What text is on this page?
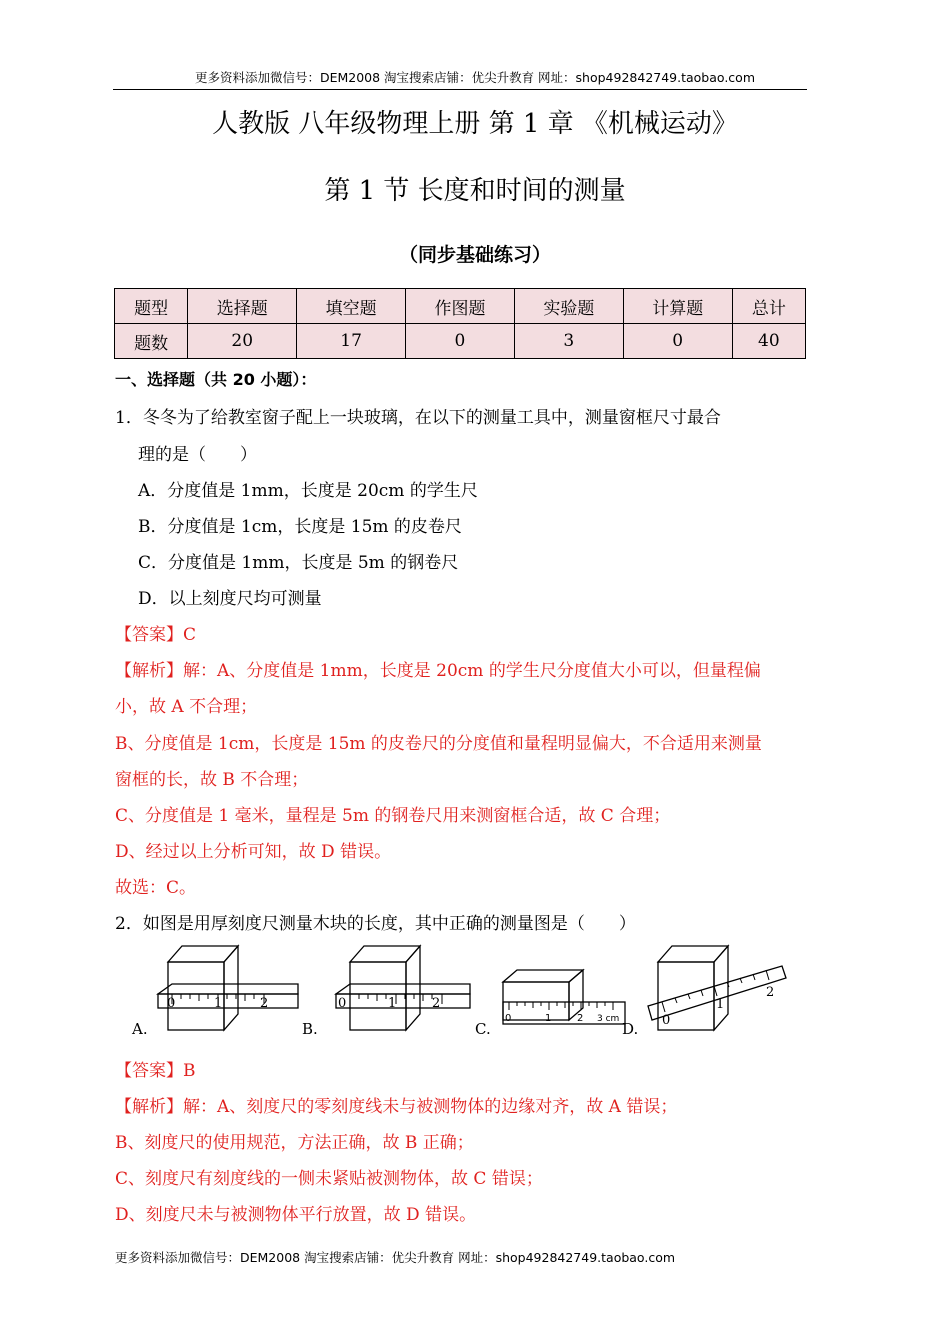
更多资料添加微信号：DEM2008 淘宝搜索店铺：优尖升教育 网址：shop492842749.taobao.com
人教版 八年级物理上册 第 1 章 《机械运动》
第 1 节 长度和时间的测量
（同步基础练习）
题型	选择题	填空题	作图题	实验题	计算题	总计
题数	20	17	0	3	0	40
一、选择题（共 20 小题）：
1．冬冬为了给教室窗子配上一块玻璃，在以下的测量工具中，测量窗框尺寸最合
理的是（　　）
A．分度值是 1mm，长度是 20cm 的学生尺
B．分度值是 1cm，长度是 15m 的皮卷尺
C．分度值是 1mm，长度是 5m 的钢卷尺
D．以上刻度尺均可测量
【答案】C
【解析】解：A、分度值是 1mm，长度是 20cm 的学生尺分度值大小可以，但量程偏
小，故 A 不合理；
B、分度值是 1cm，长度是 15m 的皮卷尺的分度值和量程明显偏大，不合适用来测量
窗框的长，故 B 不合理；
C、分度值是 1 毫米，量程是 5m 的钢卷尺用来测窗框合适，故 C 合理；
D、经过以上分析可知，故 D 错误。
故选：C。
2．如图是用厚刻度尺测量木块的长度，其中正确的测量图是（　　）
0	1	2
A.
0	1	2
B.
0	1	2 3 cm
C.	0
1
2
D.
【答案】B
【解析】解：A、刻度尺的零刻度线未与被测物体的边缘对齐，故 A 错误；
B、刻度尺的使用规范，方法正确，故 B 正确；
C、刻度尺有刻度线的一侧未紧贴被测物体，故 C 错误；
D、刻度尺未与被测物体平行放置，故 D 错误。
更多资料添加微信号：DEM2008 淘宝搜索店铺：优尖升教育 网址：shop492842749.taobao.com
